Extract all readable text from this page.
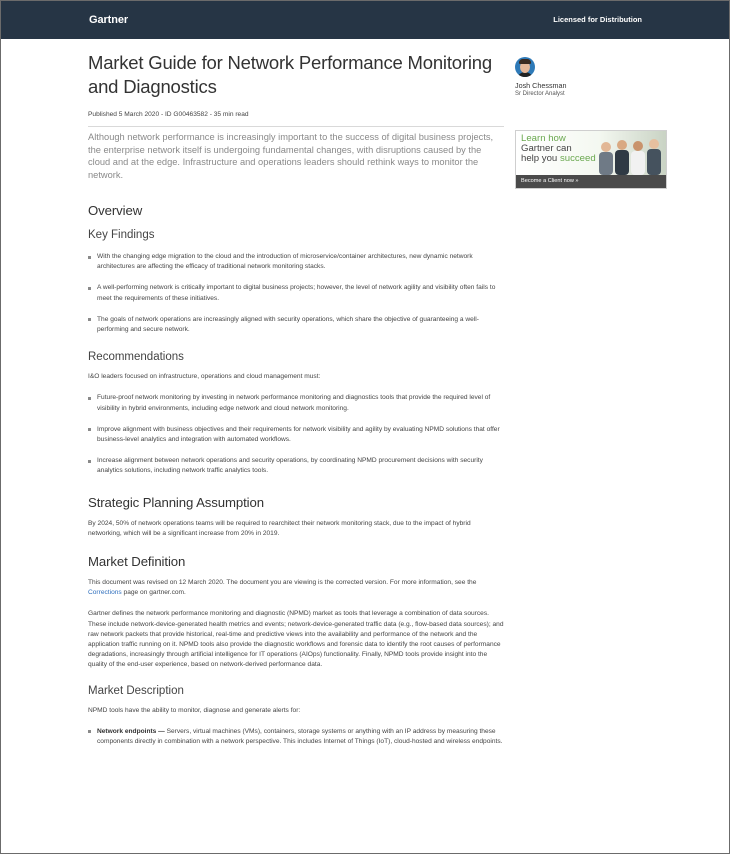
Gartner	Licensed for Distribution
Market Guide for Network Performance Monitoring and Diagnostics
Published 5 March 2020 - ID G00463582 - 35 min read
Although network performance is increasingly important to the success of digital business projects, the enterprise network itself is undergoing fundamental changes, with disruptions caused by the cloud and at the edge. Infrastructure and operations leaders should rethink ways to monitor the network.
Overview
Key Findings
With the changing edge migration to the cloud and the introduction of microservice/container architectures, new dynamic network architectures are affecting the efficacy of traditional network monitoring stacks.
A well-performing network is critically important to digital business projects; however, the level of network agility and visibility often fails to meet the requirements of these initiatives.
The goals of network operations are increasingly aligned with security operations, which share the objective of guaranteeing a well-performing and secure network.
Recommendations

I&O leaders focused on infrastructure, operations and cloud management must:

Future-proof network monitoring by investing in network performance monitoring and diagnostics tools that provide the required level of visibility in hybrid environments, including edge network and cloud network monitoring.
Improve alignment with business objectives and their requirements for network visibility and agility by evaluating NPMD solutions that offer business-level analytics and integration with automated workflows.
Increase alignment between network operations and security operations, by coordinating NPMD procurement decisions with security analytics solutions, including network traffic analytics tools.
Strategic Planning Assumption

By 2024, 50% of network operations teams will be required to rearchitect their network monitoring stack, due to the impact of hybrid networking, which will be a significant increase from 20% in 2019.

Market Definition

This document was revised on 12 March 2020. The document you are viewing is the corrected version. For more information, see the Corrections page on gartner.com.

Gartner defines the network performance monitoring and diagnostic (NPMD) market as tools that leverage a combination of data sources. These include network-device-generated health metrics and events; network-device-generated traffic data (e.g., flow-based data sources); and raw network packets that provide historical, real-time and predictive views into the availability and performance of the network and the application traffic running on it. NPMD tools also provide the diagnostic workflows and forensic data to identify the root causes of performance degradations, increasingly through artificial intelligence for IT operations (AIOps) functionality. Finally, NPMD tools provide insight into the quality of the end-user experience, based on network-derived performance data.

Market Description

NPMD tools have the ability to monitor, diagnose and generate alerts for:

Network endpoints — Servers, virtual machines (VMs), containers, storage systems or anything with an IP address by measuring these components directly in combination with a network perspective. This includes Internet of Things (IoT), cloud-hosted and wireless endpoints.
Josh Chessman
Sr Director Analyst
Learn how
Gartner can
help you succeed
Become a Client now »
